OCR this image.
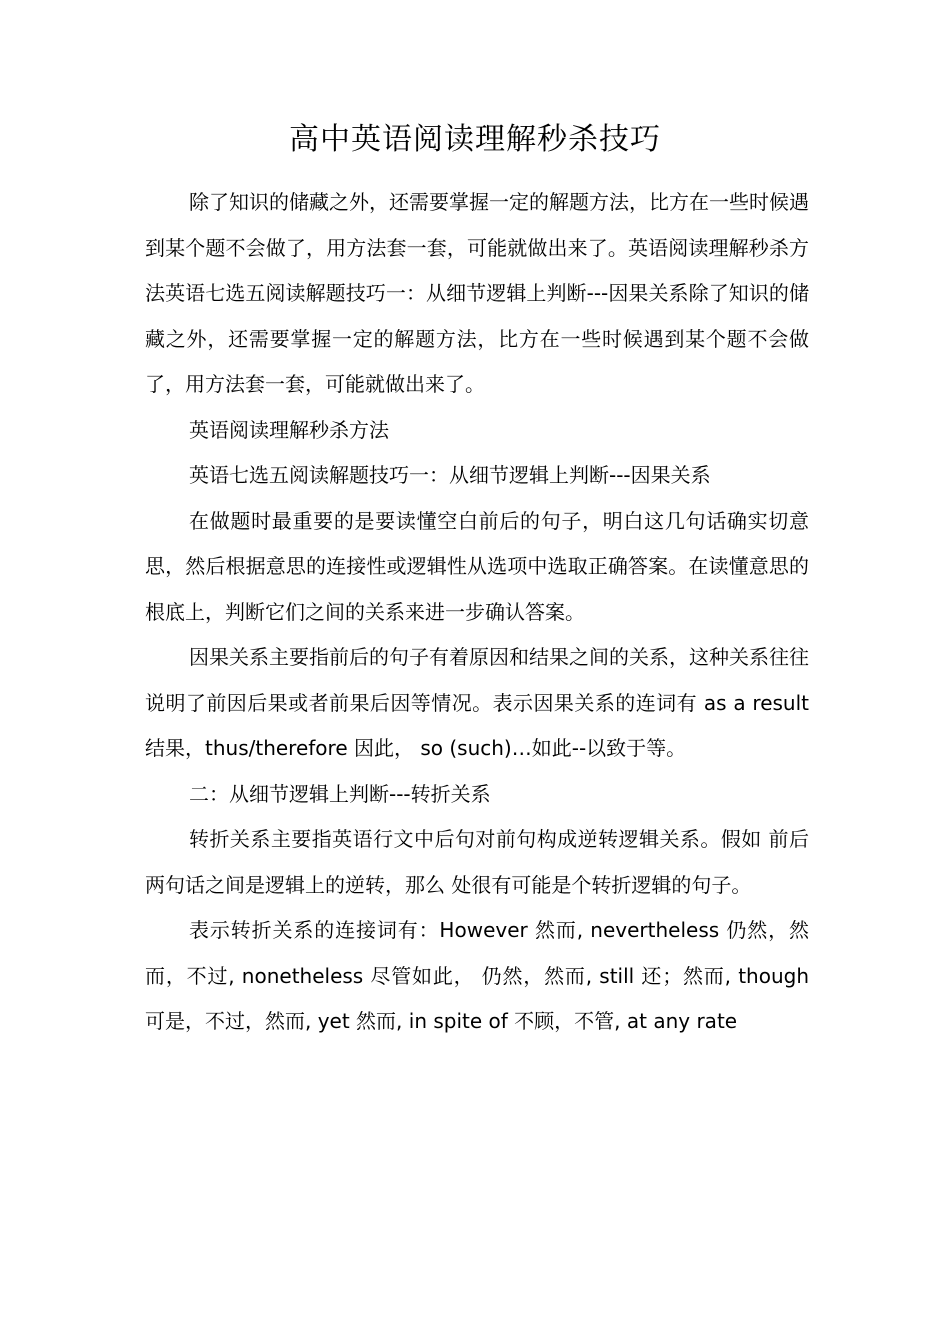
高中英语阅读理解秒杀技巧

除了知识的储藏之外，还需要掌握一定的解题方法，比方在一些时候遇到某个题不会做了，用方法套一套，可能就做出来了。英语阅读理解秒杀方法英语七选五阅读解题技巧一：从细节逻辑上判断---因果关系除了知识的储藏之外，还需要掌握一定的解题方法，比方在一些时候遇到某个题不会做了，用方法套一套，可能就做出来了。

英语阅读理解秒杀方法

英语七选五阅读解题技巧一：从细节逻辑上判断---因果关系

在做题时最重要的是要读懂空白前后的句子，明白这几句话确实切意思，然后根据意思的连接性或逻辑性从选项中选取正确答案。在读懂意思的根底上，判断它们之间的关系来进一步确认答案。

因果关系主要指前后的句子有着原因和结果之间的关系，这种关系往往说明了前因后果或者前果后因等情况。表示因果关系的连词有 as a result 结果，thus/therefore 因此， so (such)…如此--以致于等。

二：从细节逻辑上判断---转折关系

转折关系主要指英语行文中后句对前句构成逆转逻辑关系。假如 前后两句话之间是逻辑上的逆转，那么 处很有可能是个转折逻辑的句子。

表示转折关系的连接词有：However 然而, nevertheless 仍然，然而，不过, nonetheless 尽管如此， 仍然，然而, still 还；然而, though 可是，不过，然而, yet 然而, in spite of 不顾，不管, at any rate
